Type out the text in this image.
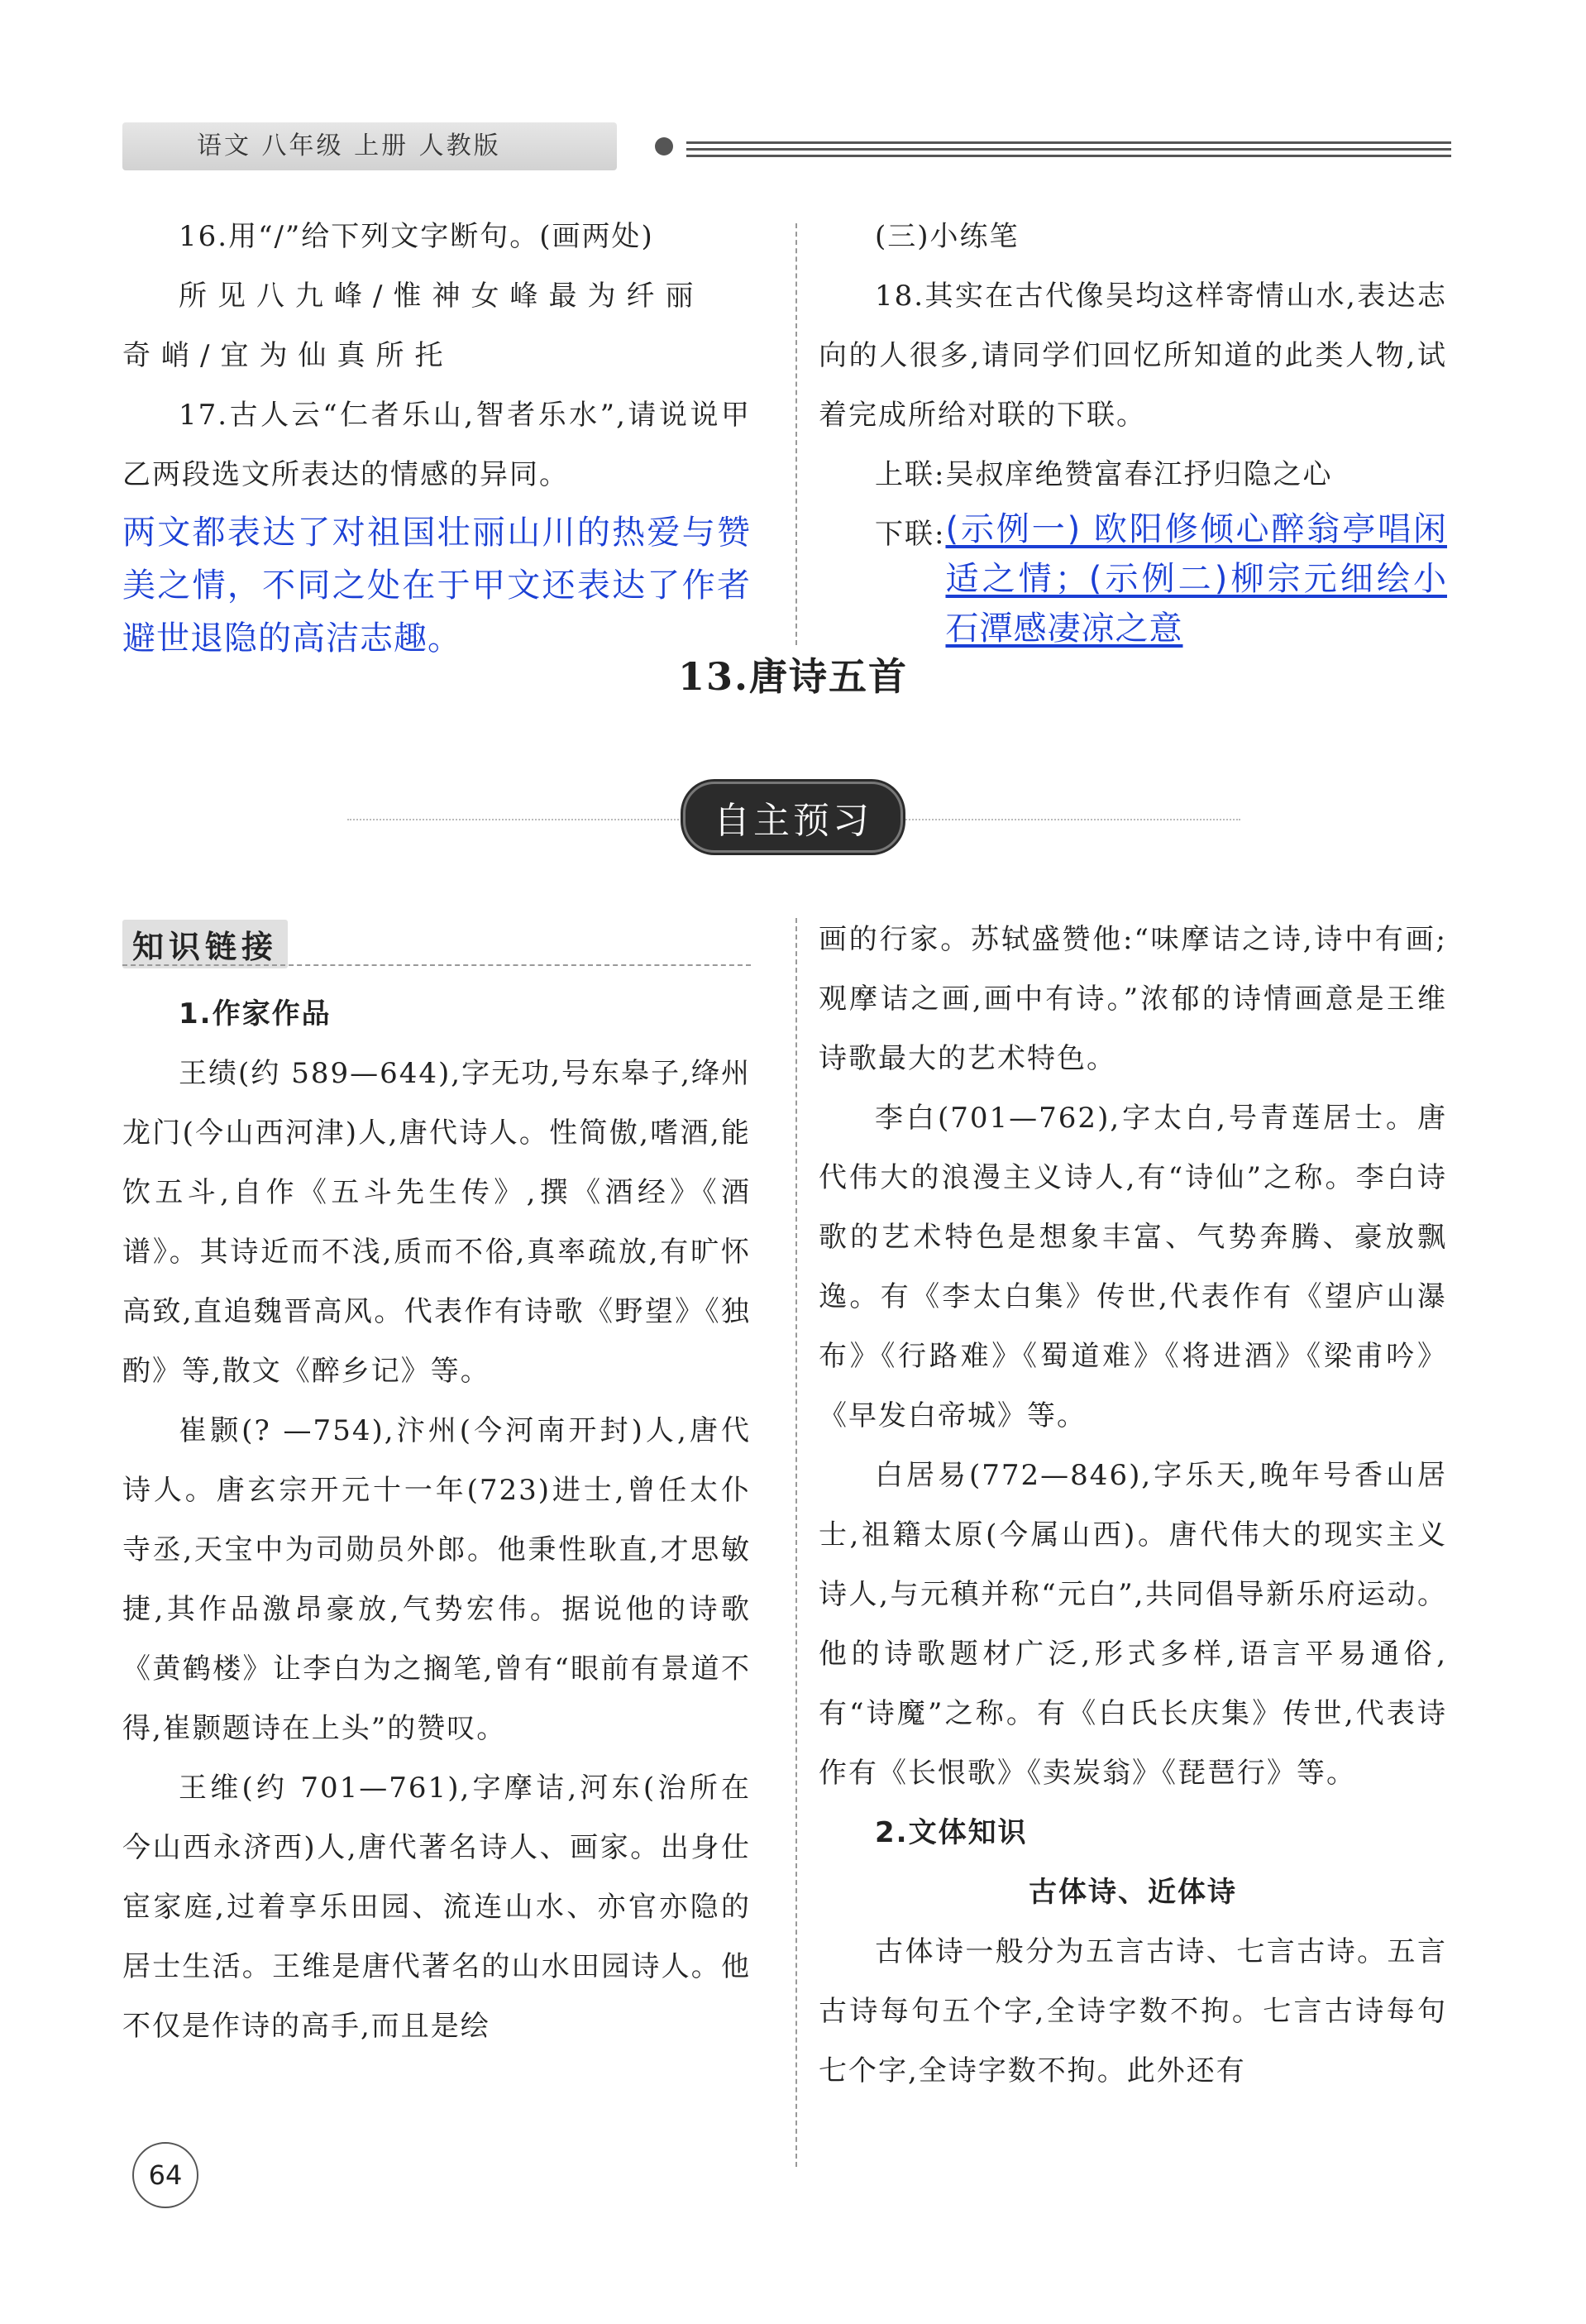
语文 八年级 上册 人教版

16.用“/”给下列文字断句。(画两处)

所见八九峰/惟神女峰最为纤丽

奇峭/宜为仙真所托

17.古人云“仁者乐山,智者乐水”,请说说甲乙两段选文所表达的情感的异同。

两文都表达了对祖国壮丽山川的热爱与赞美之情，不同之处在于甲文还表达了作者避世退隐的高洁志趣。

(三)小练笔

18.其实在古代像吴均这样寄情山水,表达志向的人很多,请同学们回忆所知道的此类人物,试着完成所给对联的下联。

上联: 吴叔庠绝赞富春江抒归隐之心
下联: (示例一) 欧阳修倾心醉翁亭唱闲适之情；(示例二)柳宗元细绘小石潭感凄凉之意
13.唐诗五首
自主预习
知识链接

1.作家作品

王绩(约 589—644),字无功,号东皋子,绛州龙门(今山西河津)人,唐代诗人。性简傲,嗜酒,能饮五斗,自作《五斗先生传》,撰《酒经》《酒谱》。其诗近而不浅,质而不俗,真率疏放,有旷怀高致,直追魏晋高风。代表作有诗歌《野望》《独酌》等,散文《醉乡记》等。

崔颢(? —754),汴州(今河南开封)人,唐代诗人。唐玄宗开元十一年(723)进士,曾任太仆寺丞,天宝中为司勋员外郎。他秉性耿直,才思敏捷,其作品激昂豪放,气势宏伟。据说他的诗歌《黄鹤楼》让李白为之搁笔,曾有“眼前有景道不得,崔颢题诗在上头”的赞叹。

王维(约 701—761),字摩诘,河东(治所在今山西永济西)人,唐代著名诗人、画家。出身仕宦家庭,过着享乐田园、流连山水、亦官亦隐的居士生活。王维是唐代著名的山水田园诗人。他不仅是作诗的高手,而且是绘

画的行家。苏轼盛赞他:“味摩诘之诗,诗中有画;观摩诘之画,画中有诗。”浓郁的诗情画意是王维诗歌最大的艺术特色。

李白(701—762),字太白,号青莲居士。唐代伟大的浪漫主义诗人,有“诗仙”之称。李白诗歌的艺术特色是想象丰富、气势奔腾、豪放飘逸。有《李太白集》传世,代表作有《望庐山瀑布》《行路难》《蜀道难》《将进酒》《梁甫吟》《早发白帝城》等。

白居易(772—846),字乐天,晚年号香山居士,祖籍太原(今属山西)。唐代伟大的现实主义诗人,与元稹并称“元白”,共同倡导新乐府运动。他的诗歌题材广泛,形式多样,语言平易通俗,有“诗魔”之称。有《白氏长庆集》传世,代表诗作有《长恨歌》《卖炭翁》《琵琶行》等。

2.文体知识

古体诗、近体诗

古体诗一般分为五言古诗、七言古诗。五言古诗每句五个字,全诗字数不拘。七言古诗每句七个字,全诗字数不拘。此外还有

64
